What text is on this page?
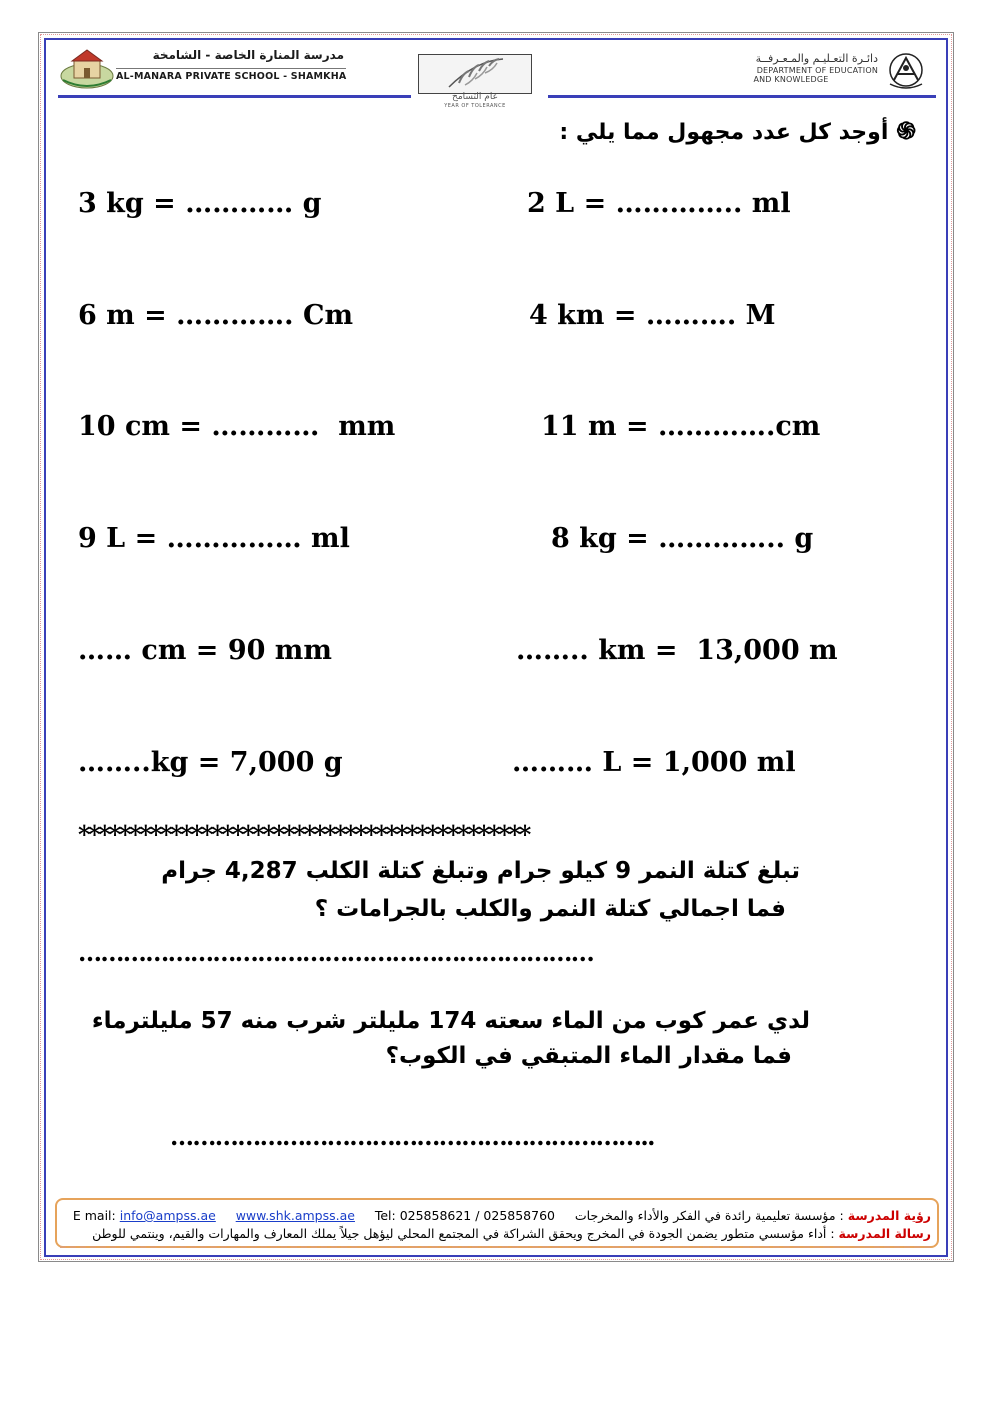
مدرسة المنارة الخاصة - الشامخة
AL-MANARA PRIVATE SCHOOL - SHAMKHA
عام التسامح
YEAR OF TOLERANCE
دائـرة التعـليـم والمـعـرفــة
DEPARTMENT OF EDUCATION
AND KNOWLEDGE
֍أوجد كل عدد مجهول مما يلي :
3 kg = ………… g	2 L = ………….. ml
6 m = …………. Cm	4 km = ………. M
10 cm = …………  mm	11 m = ………….cm
9 L = …………… ml	8 kg = ………….. g
…… cm = 90 mm	…….. km =  13,000 m
……..kg = 7,000 g	……… L = 1,000 ml
********************************************
تبلغ كتلة النمر 9 كيلو جرام وتبلغ كتلة الكلب 4,287 جرام
فما اجمالي كتلة النمر والكلب بالجرامات ؟
……………………………………………………………
لدي عمر كوب من الماء سعته 174 مليلتر شرب منه 57 مليلترماء
فما مقدار الماء المتبقي في الكوب؟
………………………………………………………..
رؤية المدرسة : مؤسسة تعليمية رائدة في الفكر والأداء والمخرجات     E mail: info@ampss.ae www.shk.ampss.ae Tel: 025858621 / 025858760
رسالة المدرسة : أداء مؤسسي متطور يضمن الجودة في المخرج ويحقق الشراكة في المجتمع المحلي ليؤهل جيلاً يملك المعارف والمهارات والقيم، وينتمي للوطن
